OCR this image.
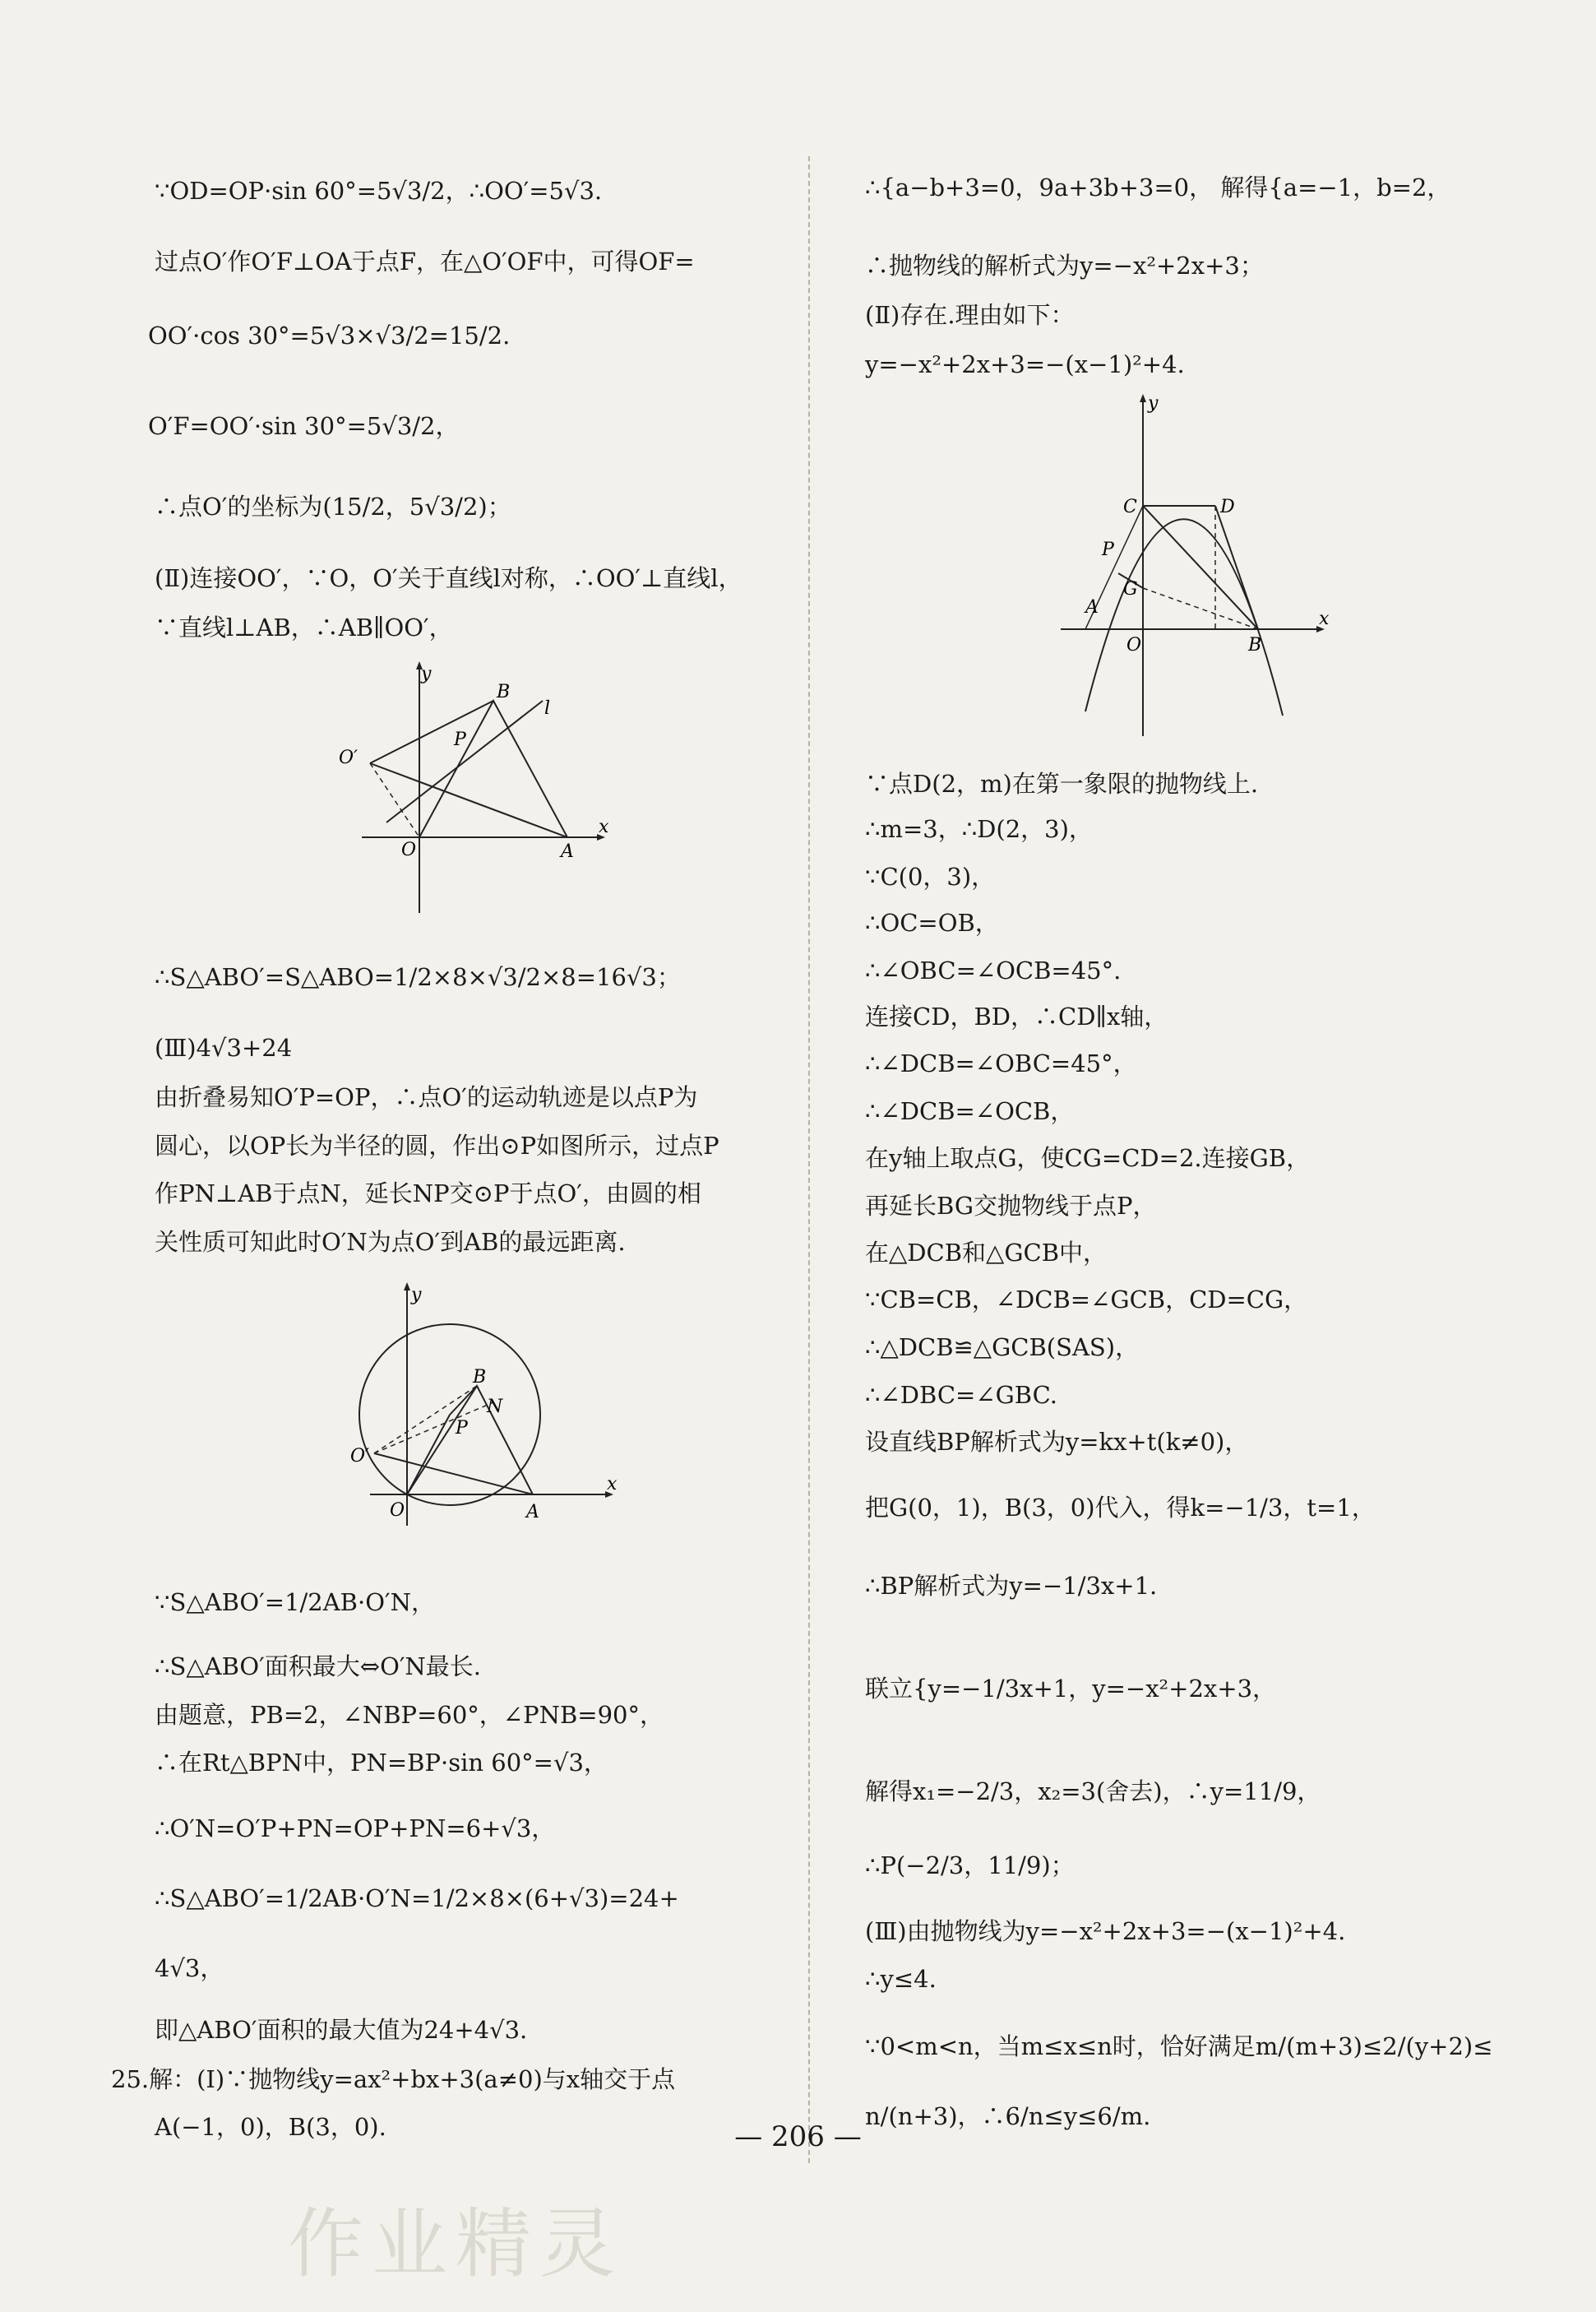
∵OD=OP·sin 60°=5√3/2，∴OO′=5√3.
过点O′作O′F⊥OA于点F，在△O′OF中，可得OF=
OO′·cos 30°=5√3×√3/2=15/2.
O′F=OO′·sin 30°=5√3/2，
∴点O′的坐标为(15/2，5√3/2)；
(Ⅱ)连接OO′，∵O，O′关于直线l对称，∴OO′⊥直线l，
∵直线l⊥AB，∴AB∥OO′，
y
B
l
P
O′
O	A
x
∴S△ABO′=S△ABO=1/2×8×√3/2×8=16√3；
(Ⅲ)4√3+24
由折叠易知O′P=OP，∴点O′的运动轨迹是以点P为
圆心，以OP长为半径的圆，作出⊙P如图所示，过点P
作PN⊥AB于点N，延长NP交⊙P于点O′，由圆的相
关性质可知此时O′N为点O′到AB的最远距离.
y
B
N
P
O′
O	A
x
∵S△ABO′=1/2AB·O′N，
∴S△ABO′面积最大⇔O′N最长.
由题意，PB=2，∠NBP=60°，∠PNB=90°，
∴在Rt△BPN中，PN=BP·sin 60°=√3，
∴O′N=O′P+PN=OP+PN=6+√3，
∴S△ABO′=1/2AB·O′N=1/2×8×(6+√3)=24+
4√3，
即△ABO′面积的最大值为24+4√3.
25.解：(Ⅰ)∵抛物线y=ax²+bx+3(a≠0)与x轴交于点
A(−1，0)，B(3，0).
∴{a−b+3=0，9a+3b+3=0， 解得{a=−1，b=2，
∴抛物线的解析式为y=−x²+2x+3；
(Ⅱ)存在.理由如下：
y=−x²+2x+3=−(x−1)²+4.
y
C	D
P
G
A
O	B
x
∵点D(2，m)在第一象限的抛物线上.
∴m=3，∴D(2，3)，
∵C(0，3)，
∴OC=OB，
∴∠OBC=∠OCB=45°.
连接CD，BD，∴CD∥x轴，
∴∠DCB=∠OBC=45°，
∴∠DCB=∠OCB，
在y轴上取点G，使CG=CD=2.连接GB，
再延长BG交抛物线于点P，
在△DCB和△GCB中，
∵CB=CB，∠DCB=∠GCB，CD=CG，
∴△DCB≌△GCB(SAS)，
∴∠DBC=∠GBC.
设直线BP解析式为y=kx+t(k≠0)，
把G(0，1)，B(3，0)代入，得k=−1/3，t=1，
∴BP解析式为y=−1/3x+1.
联立{y=−1/3x+1，y=−x²+2x+3，
解得x₁=−2/3，x₂=3(舍去)，∴y=11/9，
∴P(−2/3，11/9)；
(Ⅲ)由抛物线为y=−x²+2x+3=−(x−1)²+4.
∴y≤4.
∵0<m<n，当m≤x≤n时，恰好满足m/(m+3)≤2/(y+2)≤
n/(n+3)，∴6/n≤y≤6/m.
— 206 —
作业精灵
